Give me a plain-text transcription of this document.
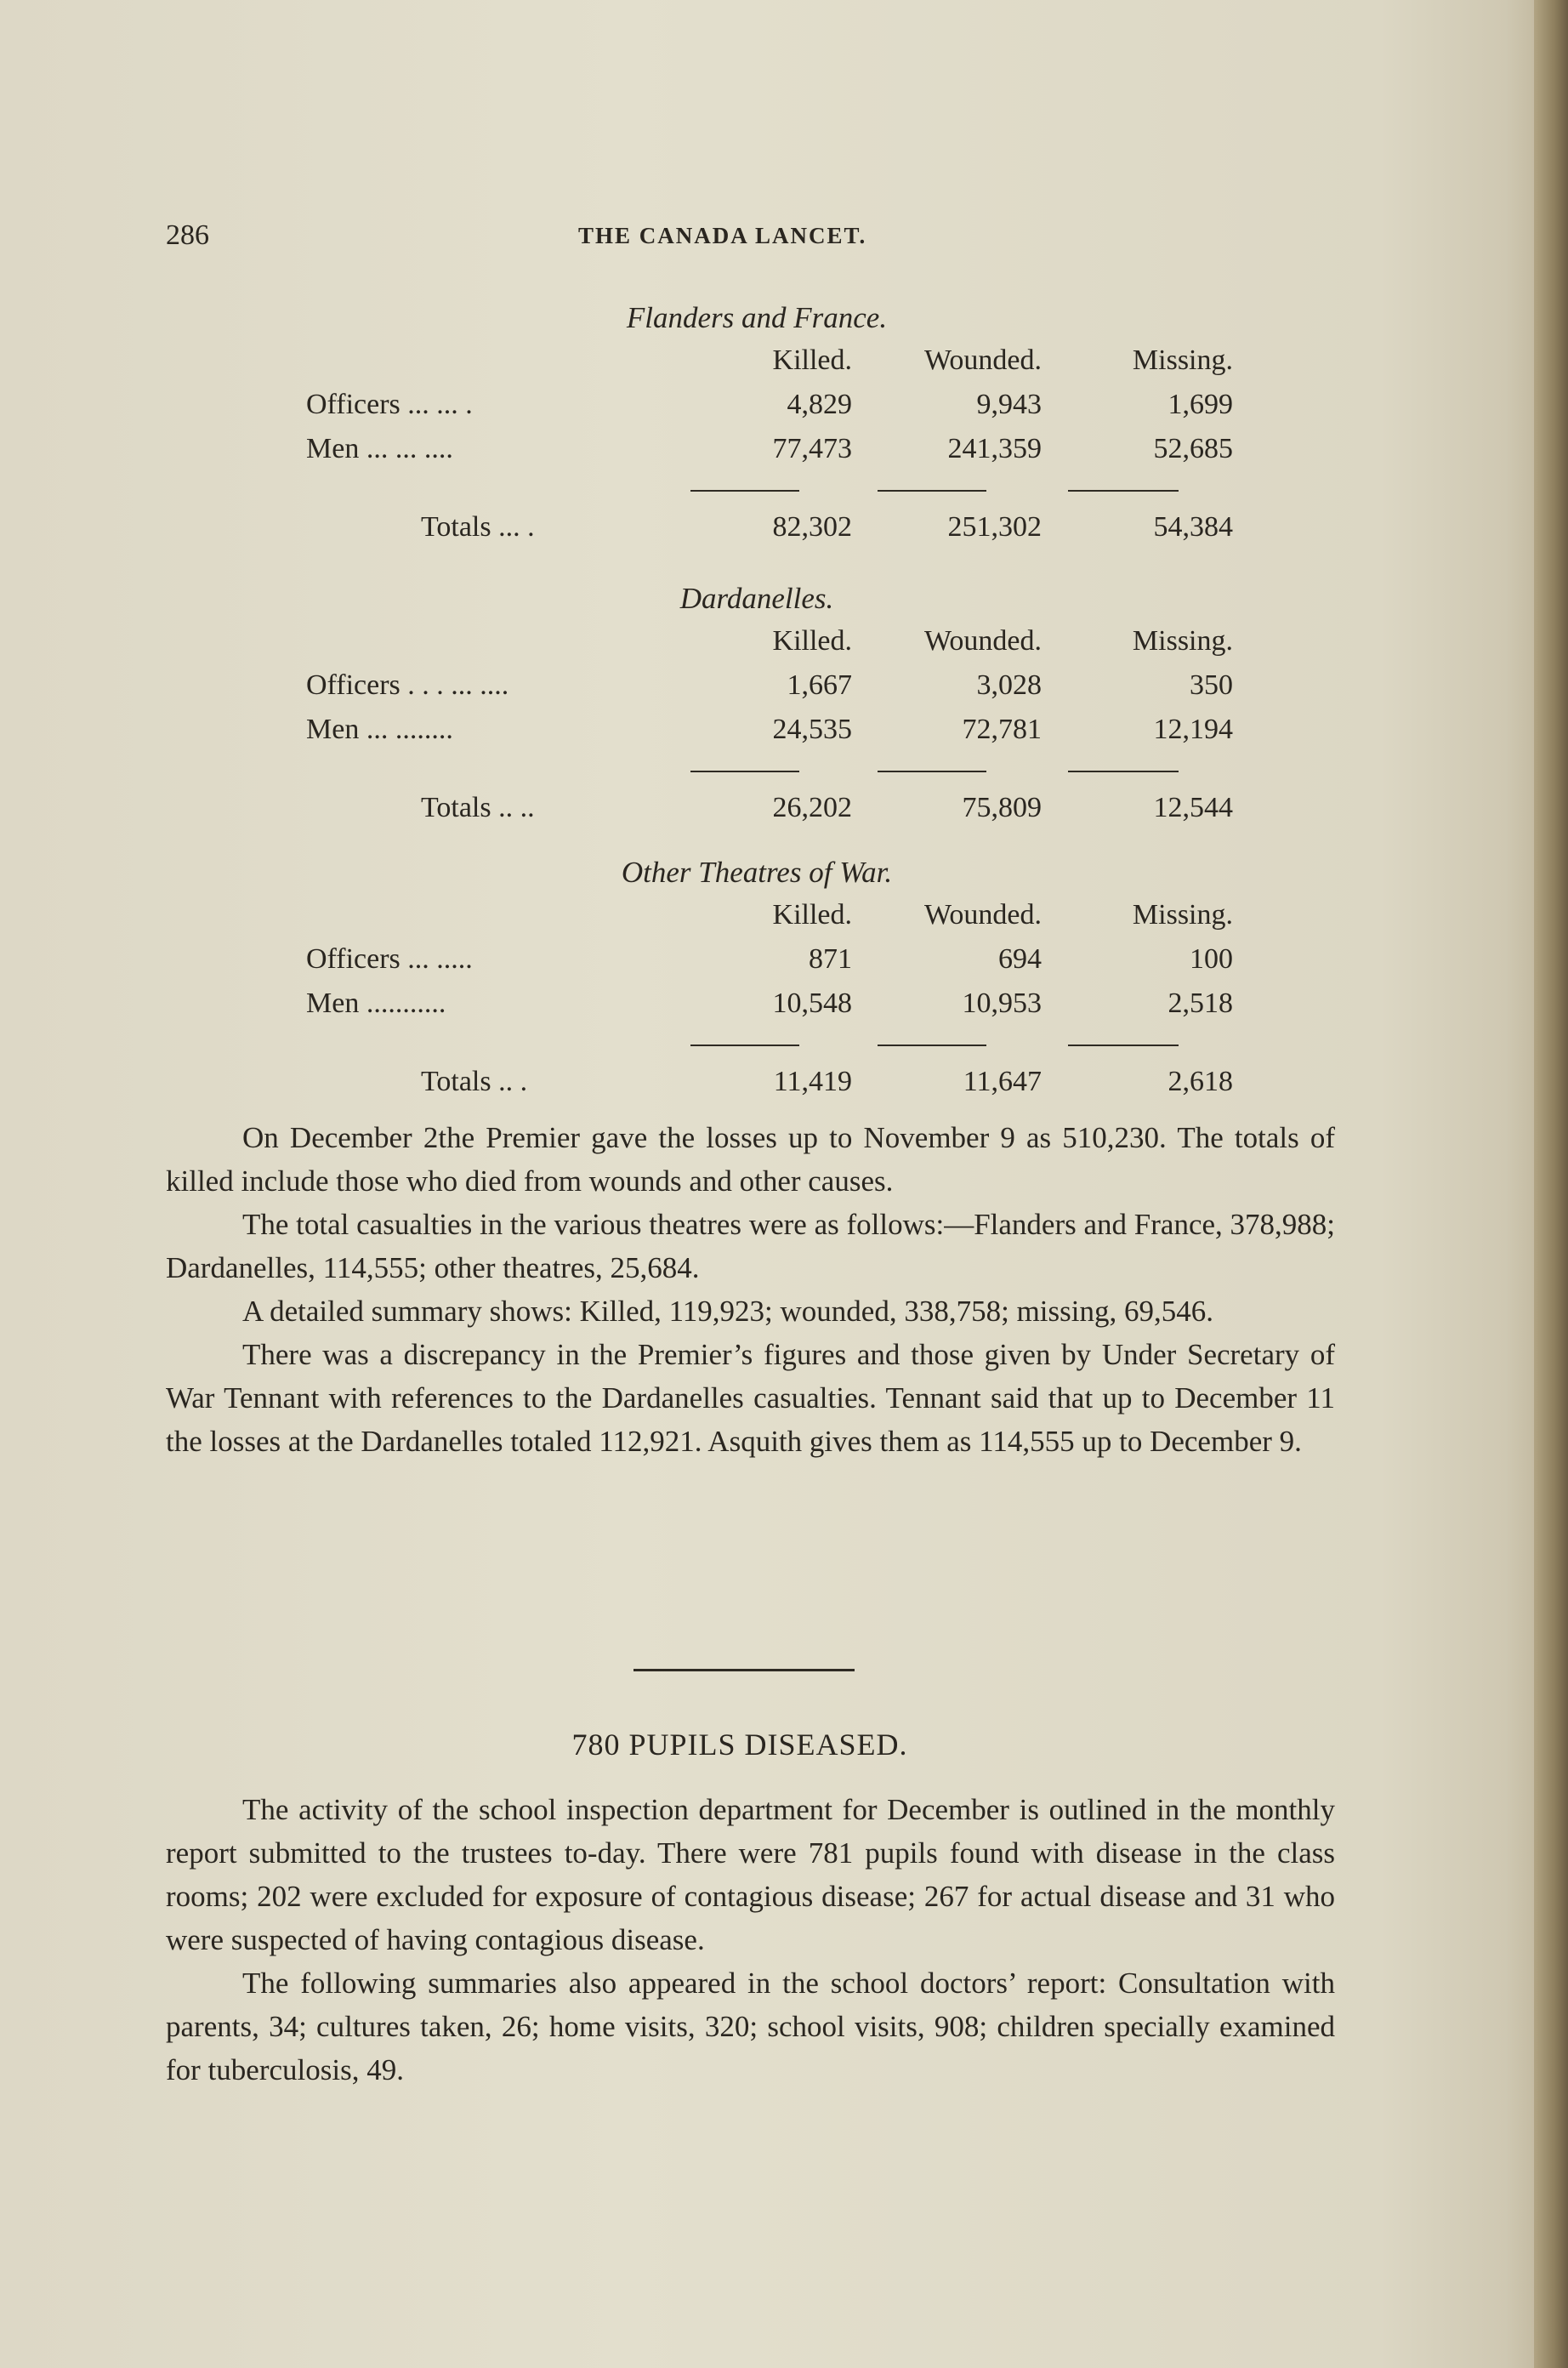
286	THE CANADA LANCET.
Flanders and France.
Killed.	Wounded.	Missing.
Officers ... ... .	4,829	9,943	1,699
Men ... ... ....	77,473	241,359	52,685
Totals ... .	82,302	251,302	54,384
Dardanelles.
Killed.	Wounded.	Missing.
Officers . . . ... ....	1,667	3,028	350
Men ... ........	24,535	72,781	12,194
Totals .. ..	26,202	75,809	12,544
Other Theatres of War.
Killed.	Wounded.	Missing.
Officers ... .....	871	694	100
Men ...........	10,548	10,953	2,518
Totals .. .	11,419	11,647	2,618

On December 2the Premier gave the losses up to November 9 as 510,230. The totals of killed include those who died from wounds and other causes.

The total casualties in the various theatres were as follows:—Flanders and France, 378,988; Dardanelles, 114,555; other theatres, 25,684.

A detailed summary shows: Killed, 119,923; wounded, 338,758; missing, 69,546.

There was a discrepancy in the Premier’s figures and those given by Under Secretary of War Tennant with references to the Dardanelles casualties. Tennant said that up to December 11 the losses at the Dardanelles totaled 112,921. Asquith gives them as 114,555 up to December 9.

780 PUPILS DISEASED.

The activity of the school inspection department for December is outlined in the monthly report submitted to the trustees to-day. There were 781 pupils found with disease in the class rooms; 202 were excluded for exposure of contagious disease; 267 for actual disease and 31 who were suspected of having contagious disease.

The following summaries also appeared in the school doctors’ report: Consultation with parents, 34; cultures taken, 26; home visits, 320; school visits, 908; children specially examined for tuberculosis, 49.
